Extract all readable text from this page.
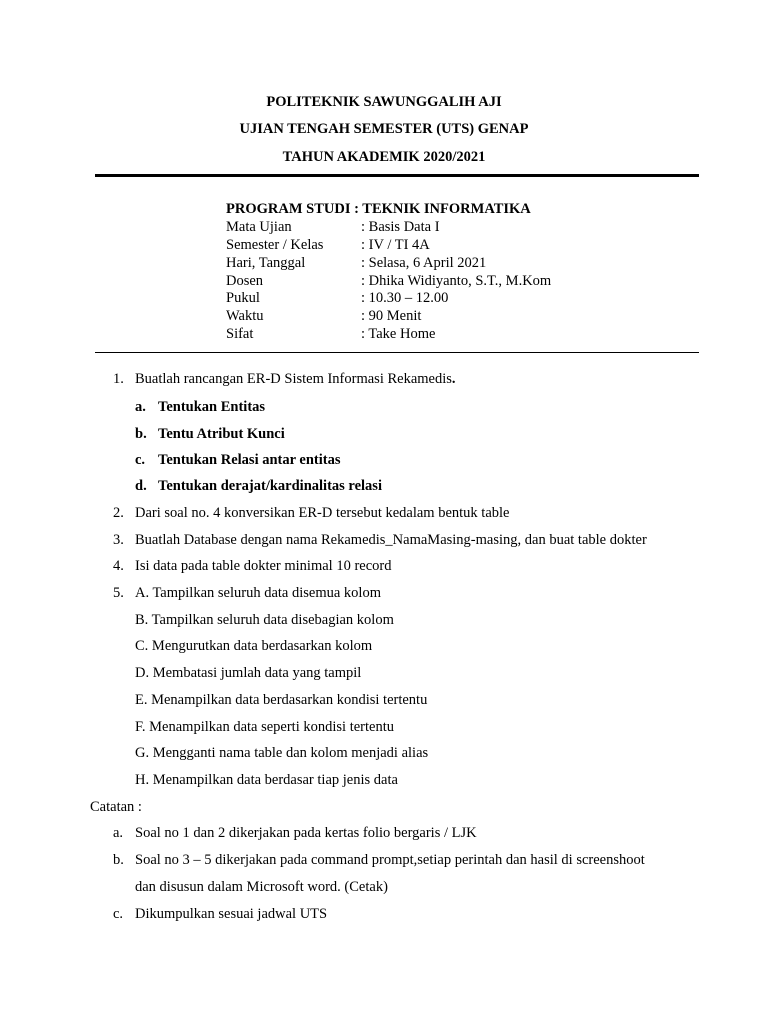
POLITEKNIK SAWUNGGALIH AJI
UJIAN TENGAH SEMESTER (UTS) GENAP
TAHUN AKADEMIK 2020/2021
PROGRAM STUDI : TEKNIK INFORMATIKA
Mata Ujian	: Basis Data I
Semester / Kelas	: IV / TI 4A
Hari, Tanggal	: Selasa, 6 April 2021
Dosen	: Dhika Widiyanto, S.T., M.Kom
Pukul	: 10.30 – 12.00
Waktu	: 90 Menit
Sifat	: Take Home
1. Buatlah rancangan ER-D Sistem Informasi Rekamedis.
a. Tentukan Entitas
b. Tentu Atribut Kunci
c. Tentukan Relasi antar entitas
d. Tentukan derajat/kardinalitas relasi
2. Dari soal no. 4 konversikan ER-D tersebut kedalam bentuk table
3. Buatlah Database dengan nama Rekamedis_NamaMasing-masing, dan buat table dokter
4. Isi data pada table dokter minimal 10 record
5. A. Tampilkan seluruh data disemua kolom
B. Tampilkan seluruh data disebagian kolom
C. Mengurutkan data berdasarkan kolom
D. Membatasi jumlah data yang tampil
E. Menampilkan data berdasarkan kondisi tertentu
F. Menampilkan data seperti kondisi tertentu
G. Mengganti nama table dan kolom menjadi alias
H. Menampilkan data berdasar tiap jenis data
Catatan :
a. Soal no 1 dan 2 dikerjakan pada kertas folio bergaris / LJK
b. Soal no 3 – 5 dikerjakan pada command prompt,setiap perintah dan hasil di screenshoot
dan disusun dalam Microsoft word. (Cetak)
c. Dikumpulkan sesuai jadwal UTS
